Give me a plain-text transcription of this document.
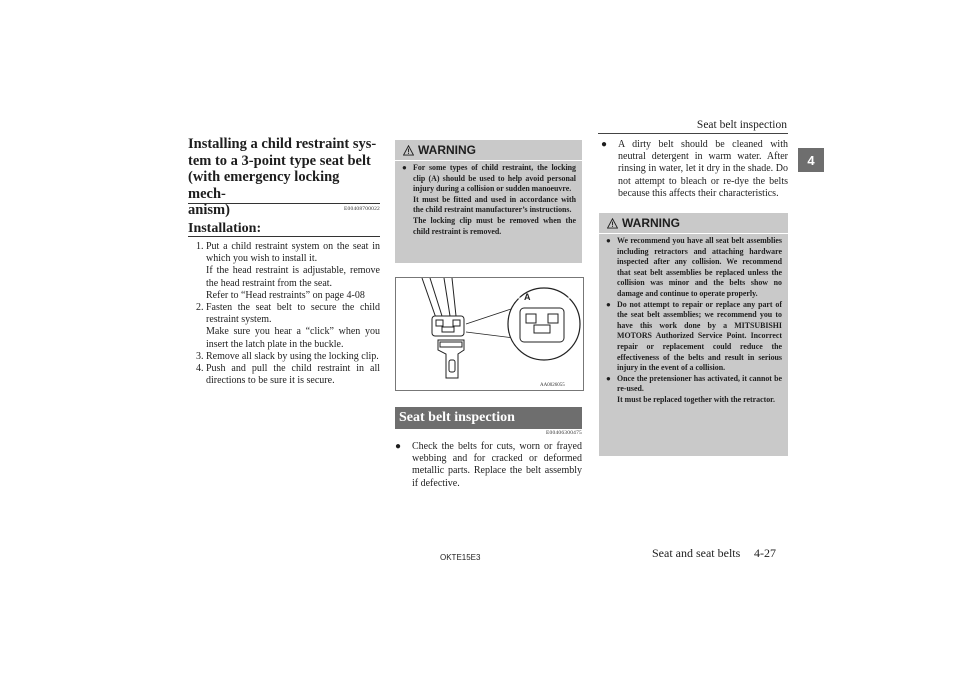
Seat belt inspection
4
Installing a child restraint sys-
tem to a 3-point type seat belt
(with emergency locking mech-
anism)	E00408700022
Installation:
1. Put a child restraint system on the seat in which you wish to install it.

If the head restraint is adjustable, remove the head restraint from the seat.

Refer to “Head restraints” on page 4-08

2. Fasten the seat belt to secure the child restraint system.

Make sure you hear a “click” when you insert the latch plate in the buckle.

3. Remove all slack by using the locking clip.

4. Push and pull the child restraint in all directions to be sure it is secure.

WARNING
● For some types of child restraint, the locking clip (A) should be used to help avoid personal injury during a collision or sudden manoeuvre.

It must be fitted and used in accordance with the child restraint manufacturer’s instructions.

The locking clip must be removed when the child restraint is removed.

A
AA0026055
Seat belt inspection
E00406300475
● Check the belts for cuts, worn or frayed webbing and for cracked or deformed metallic parts. Replace the belt assembly if defective.

● A dirty belt should be cleaned with neutral detergent in warm water. After rinsing in water, let it dry in the shade. Do not attempt to bleach or re-dye the belts because this affects their characteristics.

WARNING
● We recommend you have all seat belt assemblies including retractors and attaching hardware inspected after any collision. We recommend that seat belt assemblies be replaced unless the collision was minor and the belts show no damage and continue to operate properly.

● Do not attempt to repair or replace any part of the seat belt assemblies; we recommend you to have this work done by a MITSUBISHI MOTORS Authorized Service Point. Incorrect repair or replacement could reduce the effectiveness of the belts and result in serious injury in the event of a collision.

● Once the pretensioner has activated, it cannot be re-used.

It must be replaced together with the retractor.

OKTE15E3	Seat and seat belts 4-27
